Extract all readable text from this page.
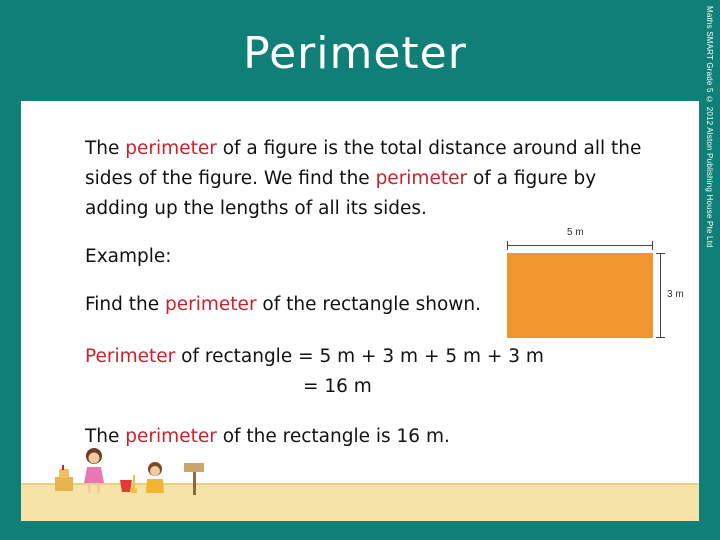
Perimeter	Maths SMART Grade 5 © 2012 Alston Publishing House Pte Ltd
The perimeter of a figure is the total distance around all the
sides of the figure. We find the perimeter of a figure by
adding up the lengths of all its sides.
Example:
Find the perimeter of the rectangle shown.
Perimeter of rectangle = 5 m + 3 m + 5 m + 3 m
= 16 m
The perimeter of the rectangle is 16 m.
5 m
3 m
